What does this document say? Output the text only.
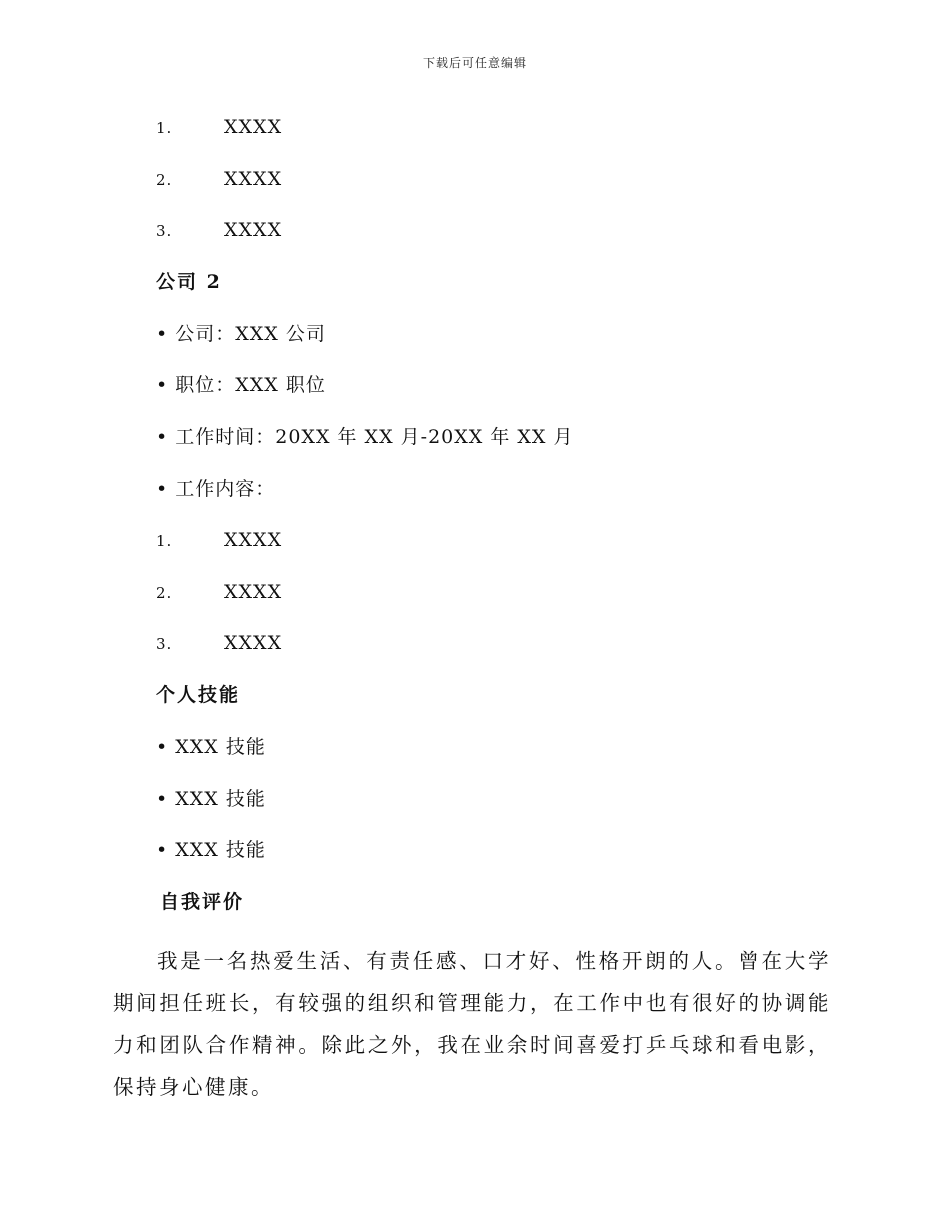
下载后可任意编辑
1.	XXXX
2.	XXXX
3.	XXXX
公司 2
• 公司：XXX 公司
• 职位：XXX 职位
• 工作时间：20XX 年 XX 月-20XX 年 XX 月
• 工作内容：
1.	XXXX
2.	XXXX
3.	XXXX
个人技能
• XXX 技能
• XXX 技能
• XXX 技能
自我评价

我是一名热爱生活、有责任感、口才好、性格开朗的人。曾在大学期间担任班长，有较强的组织和管理能力，在工作中也有很好的协调能力和团队合作精神。除此之外，我在业余时间喜爱打乒乓球和看电影，保持身心健康。
